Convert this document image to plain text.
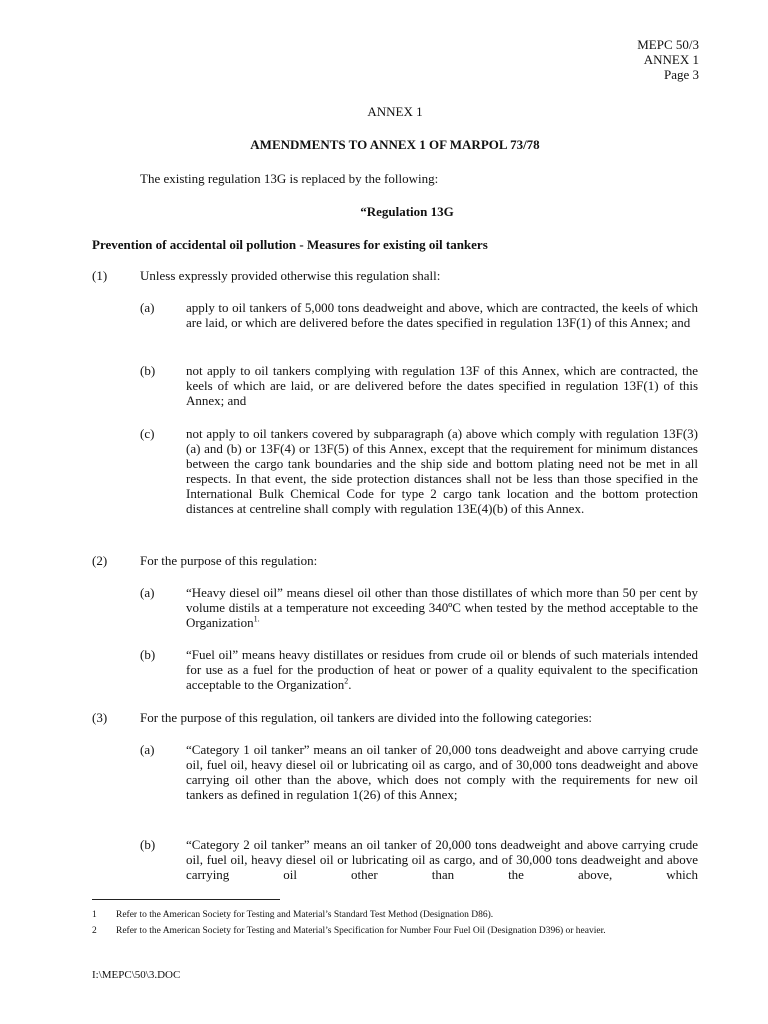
MEPC 50/3
ANNEX 1
Page 3
ANNEX 1
AMENDMENTS TO ANNEX 1 OF MARPOL 73/78
The existing regulation 13G is replaced by the following:
“Regulation 13G
Prevention of accidental oil pollution - Measures for existing oil tankers
(1)	Unless expressly provided otherwise this regulation shall:
(a) apply to oil tankers of 5,000 tons deadweight and above, which are contracted, the keels of which are laid, or which are delivered before the dates specified in regulation 13F(1) of this Annex; and
(b) not apply to oil tankers complying with regulation 13F of this Annex, which are contracted, the keels of which are laid, or are delivered before the dates specified in regulation 13F(1) of this Annex; and
(c) not apply to oil tankers covered by subparagraph (a) above which comply with regulation 13F(3)(a) and (b) or 13F(4) or 13F(5) of this Annex, except that the requirement for minimum distances between the cargo tank boundaries and the ship side and bottom plating need not be met in all respects. In that event, the side protection distances shall not be less than those specified in the International Bulk Chemical Code for type 2 cargo tank location and the bottom protection distances at centreline shall comply with regulation 13E(4)(b) of this Annex.
(2)	For the purpose of this regulation:
(a) “Heavy diesel oil” means diesel oil other than those distillates of which more than 50 per cent by volume distils at a temperature not exceeding 340ºC when tested by the method acceptable to the Organization$^{1.}$
(b) “Fuel oil” means heavy distillates or residues from crude oil or blends of such materials intended for use as a fuel for the production of heat or power of a quality equivalent to the specification acceptable to the Organization$^2$.
(3)	For the purpose of this regulation, oil tankers are divided into the following categories:
(a) “Category 1 oil tanker” means an oil tanker of 20,000 tons deadweight and above carrying crude oil, fuel oil, heavy diesel oil or lubricating oil as cargo, and of 30,000 tons deadweight and above carrying oil other than the above, which does not comply with the requirements for new oil tankers as defined in regulation 1(26) of this Annex;
(b) “Category 2 oil tanker” means an oil tanker of 20,000 tons deadweight and above carrying crude oil, fuel oil, heavy diesel oil or lubricating oil as cargo, and of 30,000 tons deadweight and above carrying oil other than the above, which
1 Refer to the American Society for Testing and Material’s Standard Test Method (Designation D86).
2 Refer to the American Society for Testing and Material’s Specification for Number Four Fuel Oil (Designation D396) or heavier.
I:\MEPC\50\3.DOC
